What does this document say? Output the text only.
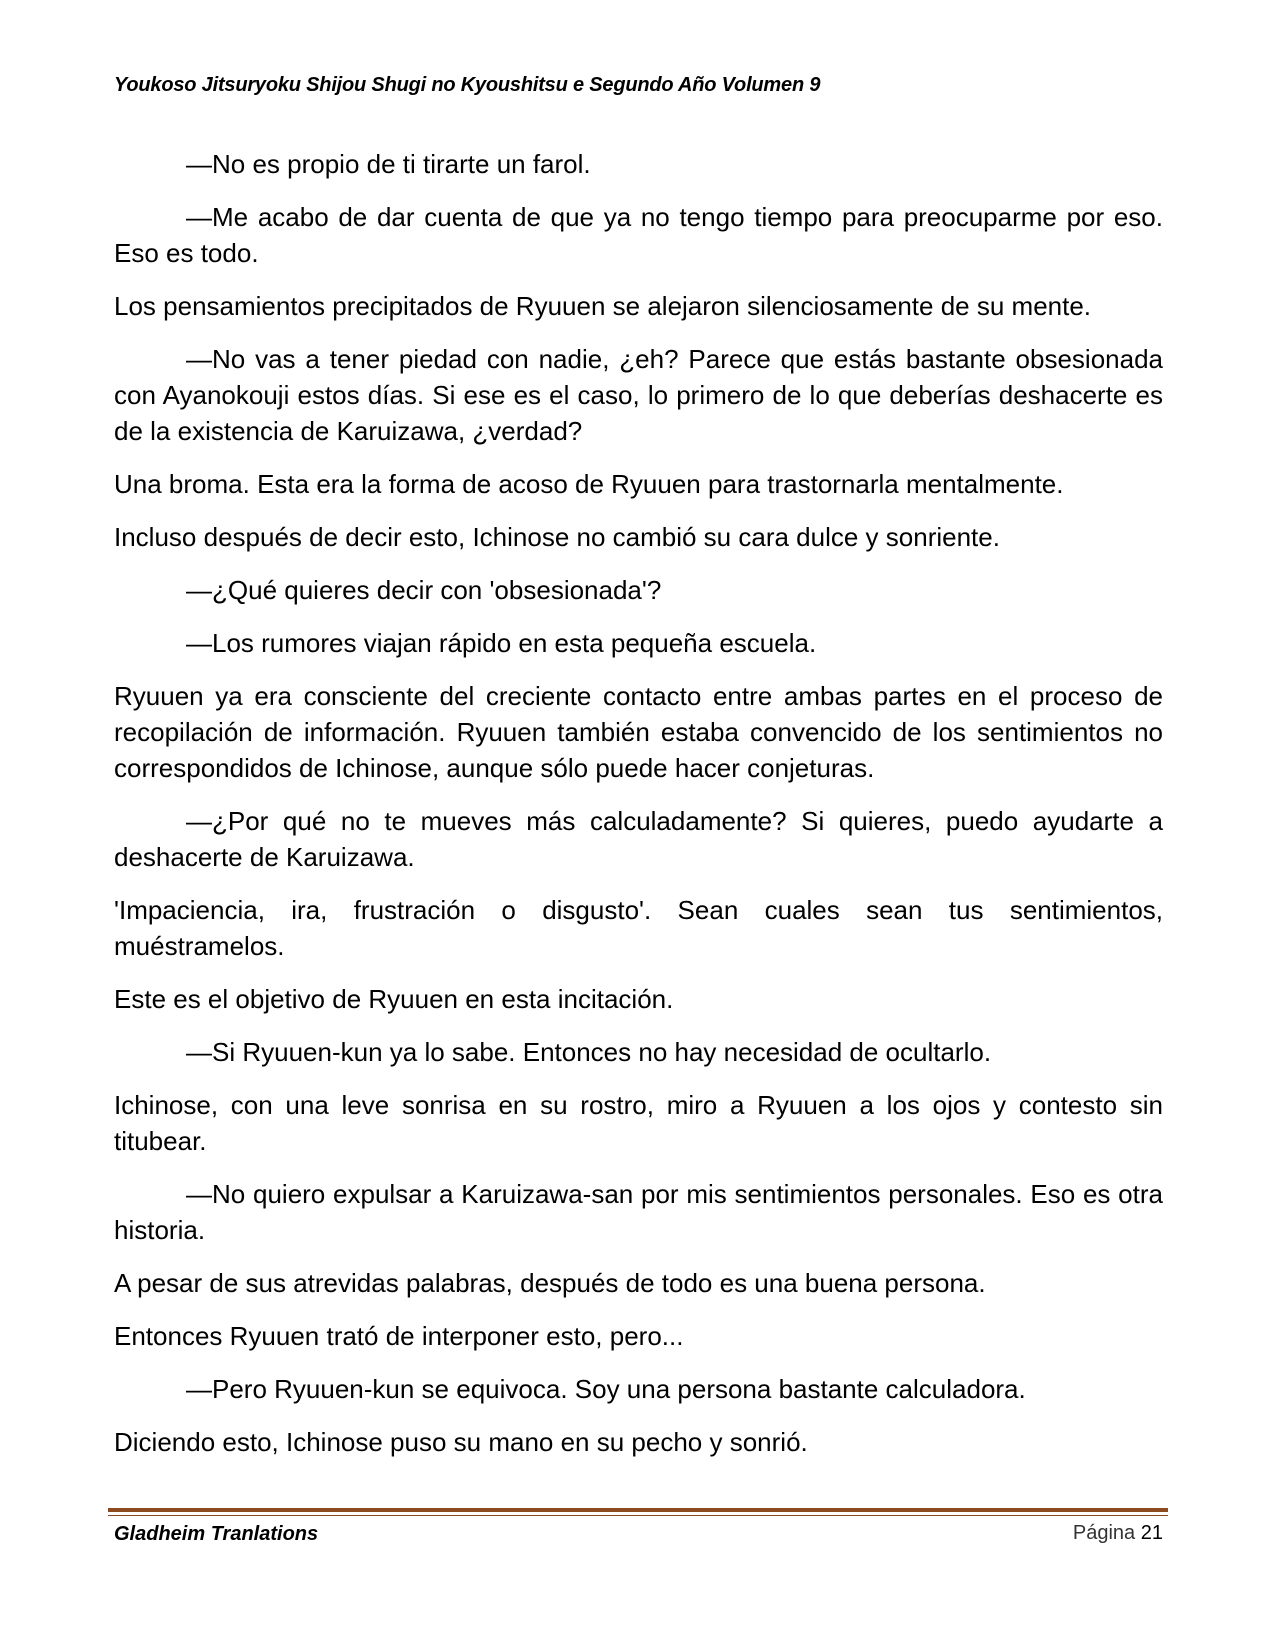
Youkoso Jitsuryoku Shijou Shugi no Kyoushitsu e Segundo Año Volumen 9

—No es propio de ti tirarte un farol.

—Me acabo de dar cuenta de que ya no tengo tiempo para preocuparme por eso. Eso es todo.

Los pensamientos precipitados de Ryuuen se alejaron silenciosamente de su mente.

—No vas a tener piedad con nadie, ¿eh? Parece que estás bastante obsesionada con Ayanokouji estos días. Si ese es el caso, lo primero de lo que deberías deshacerte es de la existencia de Karuizawa, ¿verdad?

Una broma. Esta era la forma de acoso de Ryuuen para trastornarla mentalmente.

Incluso después de decir esto, Ichinose no cambió su cara dulce y sonriente.

—¿Qué quieres decir con 'obsesionada'?

—Los rumores viajan rápido en esta pequeña escuela.

Ryuuen ya era consciente del creciente contacto entre ambas partes en el proceso de recopilación de información. Ryuuen también estaba convencido de los sentimientos no correspondidos de Ichinose, aunque sólo puede hacer conjeturas.

—¿Por qué no te mueves más calculadamente? Si quieres, puedo ayudarte a deshacerte de Karuizawa.

'Impaciencia, ira, frustración o disgusto'. Sean cuales sean tus sentimientos, muéstramelos.

Este es el objetivo de Ryuuen en esta incitación.

—Si Ryuuen-kun ya lo sabe. Entonces no hay necesidad de ocultarlo.

Ichinose, con una leve sonrisa en su rostro, miro a Ryuuen a los ojos y contesto sin titubear.

—No quiero expulsar a Karuizawa-san por mis sentimientos personales. Eso es otra historia.

A pesar de sus atrevidas palabras, después de todo es una buena persona.

Entonces Ryuuen trató de interponer esto, pero...

—Pero Ryuuen-kun se equivoca. Soy una persona bastante calculadora.

Diciendo esto, Ichinose puso su mano en su pecho y sonrió.

Gladheim Tranlations	Página 21
